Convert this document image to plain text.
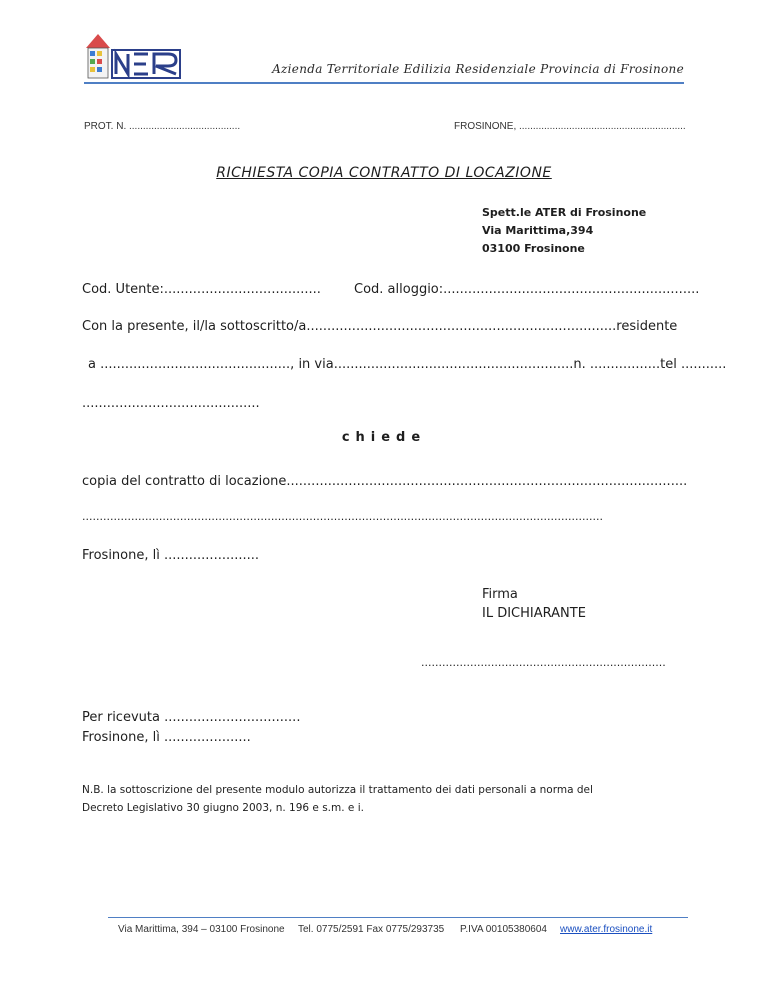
Azienda Territoriale Edilizia Residenziale Provincia di Frosinone
PROT. N. ........................................	FROSINONE, ............................................................
RICHIESTA COPIA CONTRATTO DI LOCAZIONE
Spett.le ATER di Frosinone
Via Marittima,394
03100 Frosinone
Cod. Utente:......................................	Cod. alloggio:..............................................................
Con la presente, il/la sottoscritto/a...........................................................................residente
a .............................................., in via..........................................................n. .................tel ...........
...........................................
chiede
copia del contratto di locazione.................................................................................................
.....................................................................................................................................................
Frosinone, lì .......................
Firma
IL DICHIARANTE
......................................................................
Per ricevuta .................................
Frosinone, lì .....................
N.B. la sottoscrizione del presente modulo autorizza il trattamento dei dati personali a norma del
Decreto Legislativo 30 giugno 2003, n. 196 e s.m. e i.
Via Marittima, 394 – 03100 Frosinone Tel. 0775/2591 Fax 0775/293735 P.IVA 00105380604 www.ater.frosinone.it
